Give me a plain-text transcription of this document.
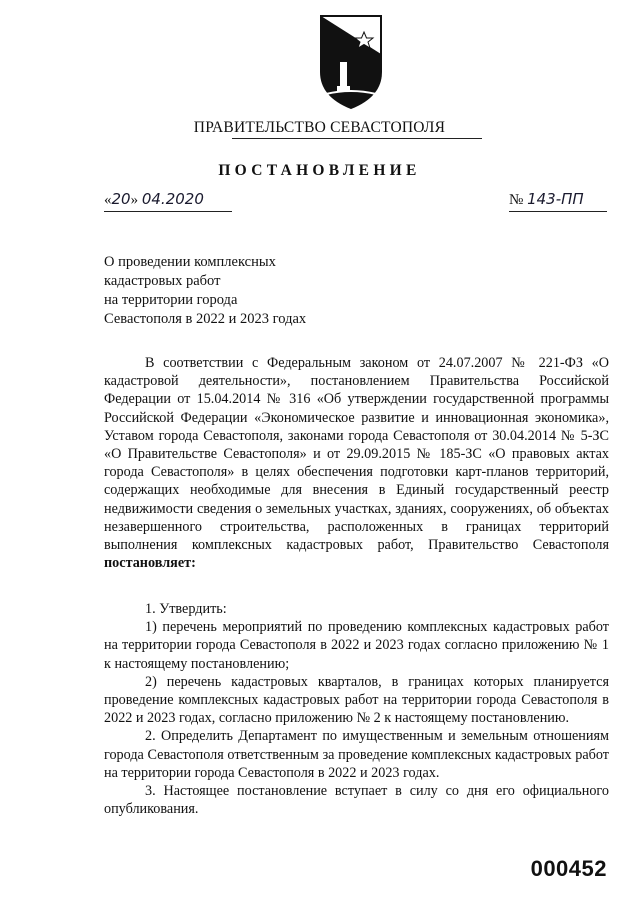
ПРАВИТЕЛЬСТВО СЕВАСТОПОЛЯ
ПОСТАНОВЛЕНИЕ
«20» 04.2020	№ 143-ПП
О проведении комплексных
кадастровых работ
на территории города
Севастополя в 2022 и 2023 годах

В соответствии с Федеральным законом от 24.07.2007 № 221-ФЗ «О кадастровой деятельности», постановлением Правительства Российской Федерации от 15.04.2014 № 316 «Об утверждении государственной программы Российской Федерации «Экономическое развитие и инновационная экономика», Уставом города Севастополя, законами города Севастополя от 30.04.2014 № 5-ЗС «О Правительстве Севастополя» и от 29.09.2015 № 185-ЗС «О правовых актах города Севастополя» в целях обеспечения подготовки карт-планов территорий, содержащих необходимые для внесения в Единый государственный реестр недвижимости сведения о земельных участках, зданиях, сооружениях, об объектах незавершенного строительства, расположенных в границах территорий выполнения комплексных кадастровых работ, Правительство Севастополя постановляет:

1. Утвердить:

1) перечень мероприятий по проведению комплексных кадастровых работ на территории города Севастополя в 2022 и 2023 годах согласно приложению № 1 к настоящему постановлению;

2) перечень кадастровых кварталов, в границах которых планируется проведение комплексных кадастровых работ на территории города Севастополя в 2022 и 2023 годах, согласно приложению № 2 к настоящему постановлению.

2. Определить Департамент по имущественным и земельным отношениям города Севастополя ответственным за проведение комплексных кадастровых работ на территории города Севастополя в 2022 и 2023 годах.

3. Настоящее постановление вступает в силу со дня его официального опубликования.

000452
